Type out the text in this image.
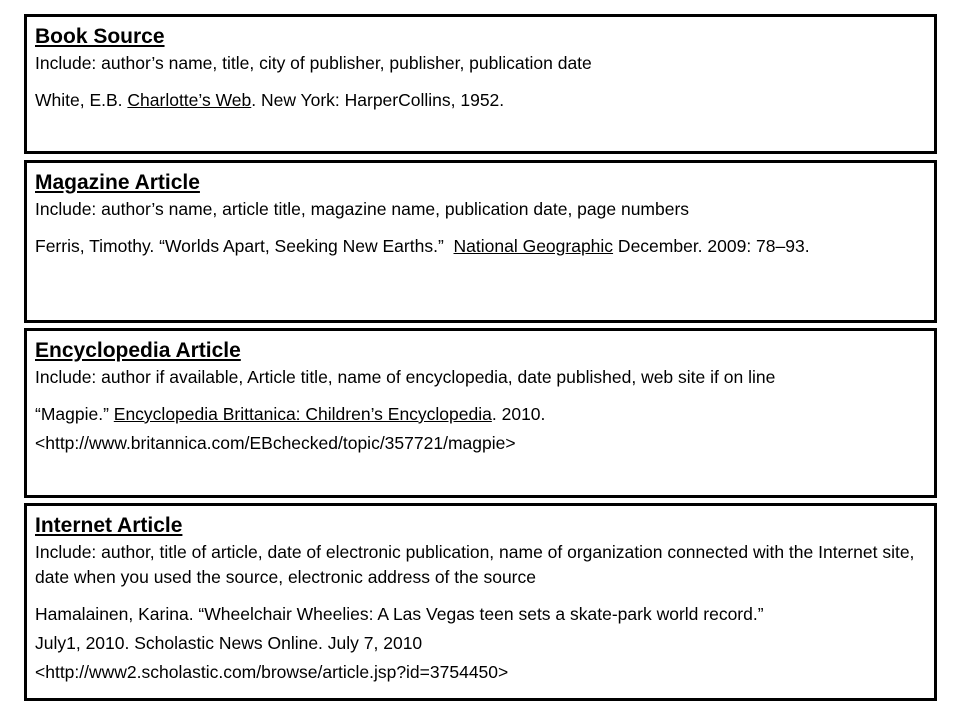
Book Source

Include: author’s name, title, city of publisher, publisher, publication date

White, E.B. Charlotte’s Web. New York: HarperCollins, 1952.

Magazine Article

Include: author’s name, article title, magazine name, publication date, page numbers

Ferris, Timothy. “Worlds Apart, Seeking New Earths.”  National Geographic December. 2009: 78–93.

Encyclopedia Article

Include: author if available, Article title, name of encyclopedia, date published, web site if on line

“Magpie.” Encyclopedia Brittanica: Children’s Encyclopedia. 2010.
<http://www.britannica.com/EBchecked/topic/357721/magpie>

Internet Article

Include: author, title of article, date of electronic publication, name of organization connected with the Internet site, date when you used the source, electronic address of the source

Hamalainen, Karina. “Wheelchair Wheelies: A Las Vegas teen sets a skate-park world record.”
July1, 2010. Scholastic News Online. July 7, 2010
<http://www2.scholastic.com/browse/article.jsp?id=3754450>
